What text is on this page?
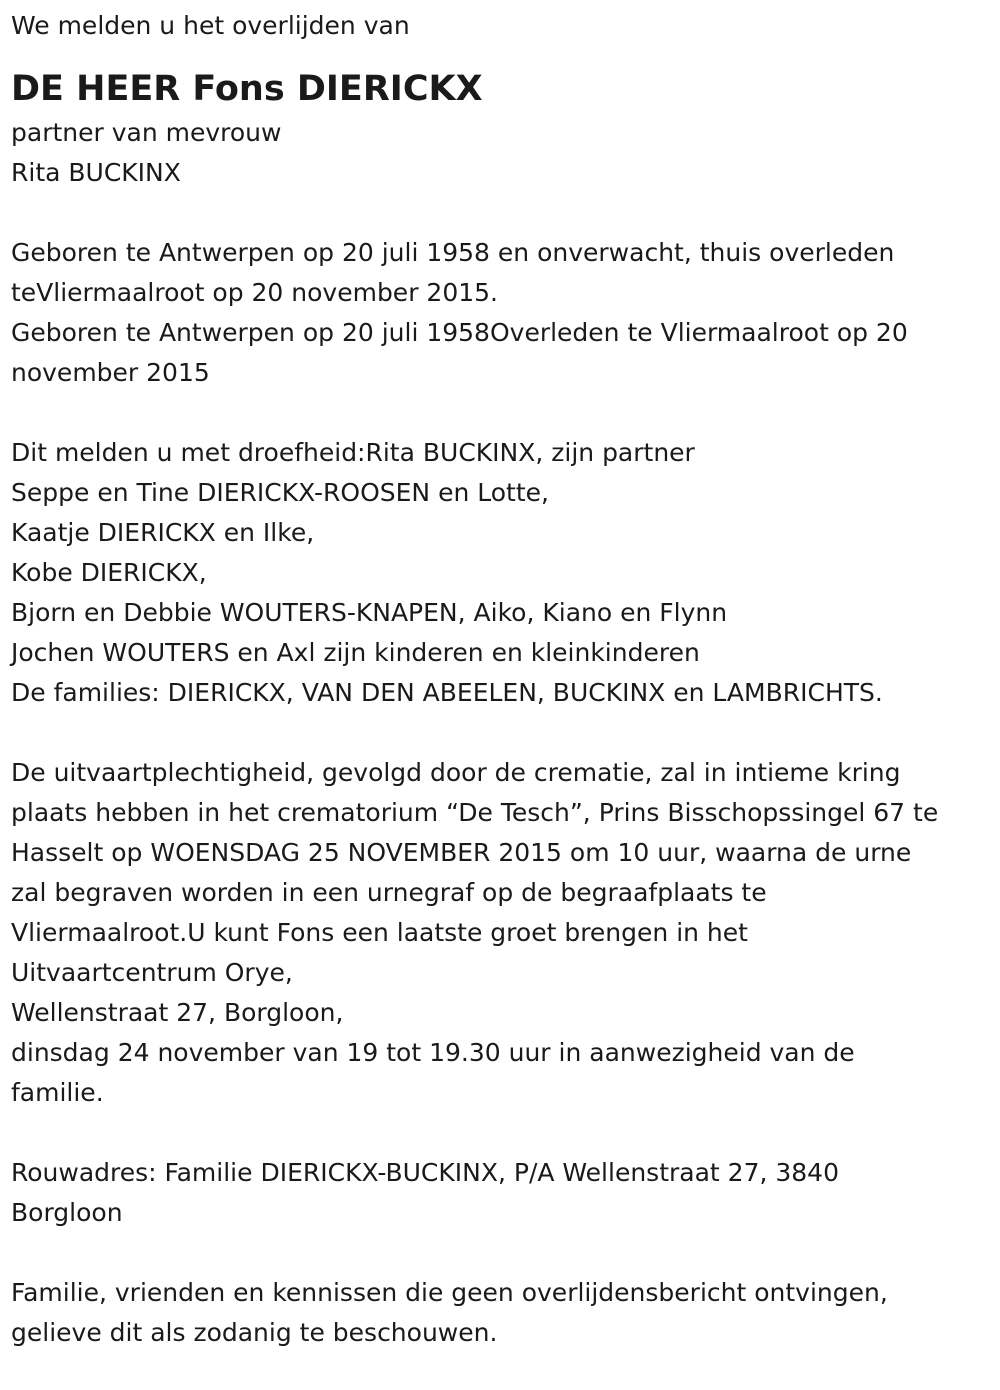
We melden u het overlijden van

DE HEER Fons DIERICKX

partner van mevrouw

Rita BUCKINX

Geboren te Antwerpen op 20 juli 1958 en onverwacht, thuis overleden

teVliermaalroot op 20 november 2015.

Geboren te Antwerpen op 20 juli 1958Overleden te Vliermaalroot op 20

november 2015

Dit melden u met droefheid:Rita BUCKINX, zijn partner

Seppe en Tine DIERICKX-ROOSEN en Lotte,

Kaatje DIERICKX en Ilke,

Kobe DIERICKX,

Bjorn en Debbie WOUTERS-KNAPEN, Aiko, Kiano en Flynn

Jochen WOUTERS en Axl zijn kinderen en kleinkinderen

De families: DIERICKX, VAN DEN ABEELEN, BUCKINX en LAMBRICHTS.

De uitvaartplechtigheid, gevolgd door de crematie, zal in intieme kring

plaats hebben in het crematorium “De Tesch”, Prins Bisschopssingel 67 te

Hasselt op WOENSDAG 25 NOVEMBER 2015 om 10 uur, waarna de urne

zal begraven worden in een urnegraf op de begraafplaats te

Vliermaalroot.U kunt Fons een laatste groet brengen in het

Uitvaartcentrum Orye,

Wellenstraat 27, Borgloon,

dinsdag 24 november van 19 tot 19.30 uur in aanwezigheid van de

familie.

Rouwadres: Familie DIERICKX-BUCKINX, P/A Wellenstraat 27, 3840

Borgloon

Familie, vrienden en kennissen die geen overlijdensbericht ontvingen,

gelieve dit als zodanig te beschouwen.
